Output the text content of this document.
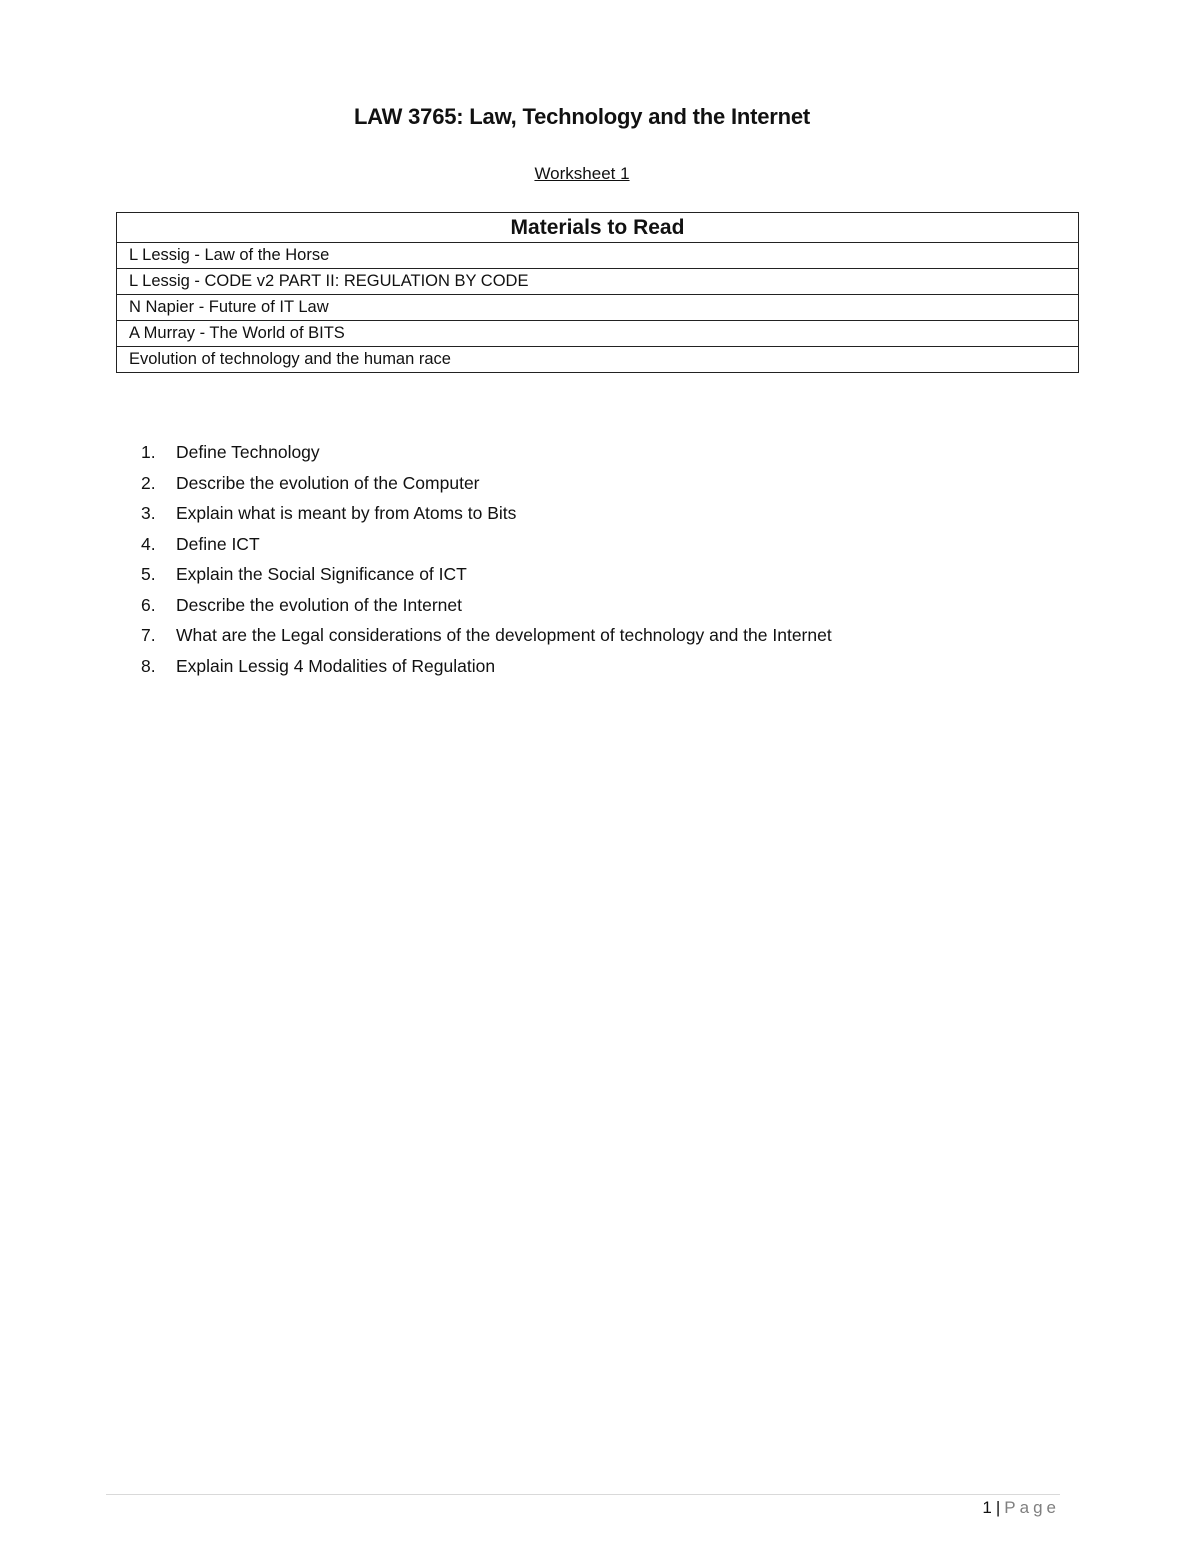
LAW 3765: Law, Technology and the Internet
Worksheet 1
Materials to Read
L Lessig - Law of the Horse
L Lessig - CODE v2 PART II: REGULATION BY CODE
N Napier - Future of IT Law
A Murray - The World of BITS
Evolution of technology and the human race
1.	Define Technology
2.	Describe the evolution of the Computer
3.	Explain what is meant by from Atoms to Bits
4.	Define ICT
5.	Explain the Social Significance of ICT
6.	Describe the evolution of the Internet
7.	What are the Legal considerations of the development of technology and the Internet
8.	Explain Lessig 4 Modalities of Regulation
1 | Page
